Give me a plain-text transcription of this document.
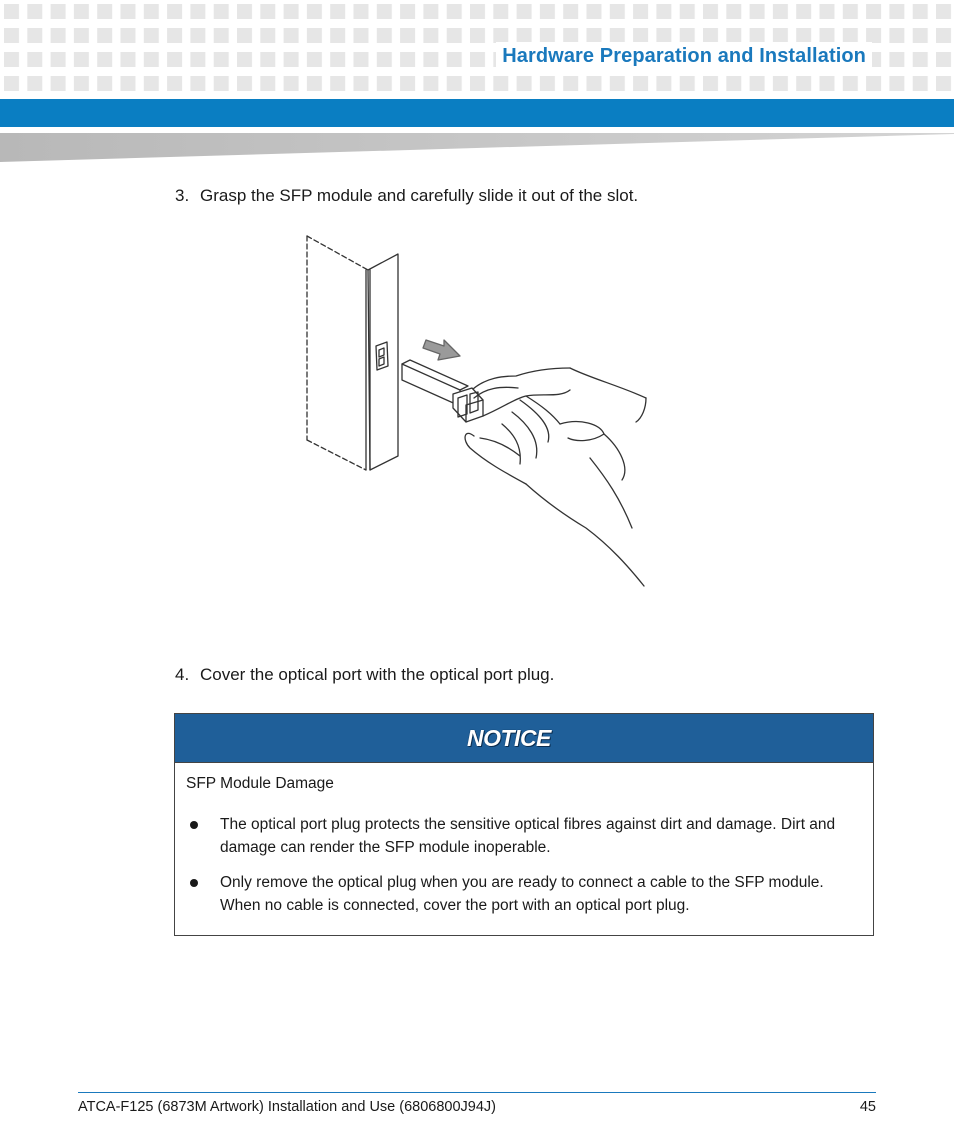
Hardware Preparation and Installation
3. Grasp the SFP module and carefully slide it out of the slot.
4. Cover the optical port with the optical port plug.
NOTICE
SFP Module Damage
The optical port plug protects the sensitive optical fibres against dirt and damage. Dirt and damage can render the SFP module inoperable.
Only remove the optical plug when you are ready to connect a cable to the SFP module. When no cable is connected, cover the port with an optical port plug.
ATCA-F125 (6873M Artwork) Installation and Use (6806800J94J)	45
